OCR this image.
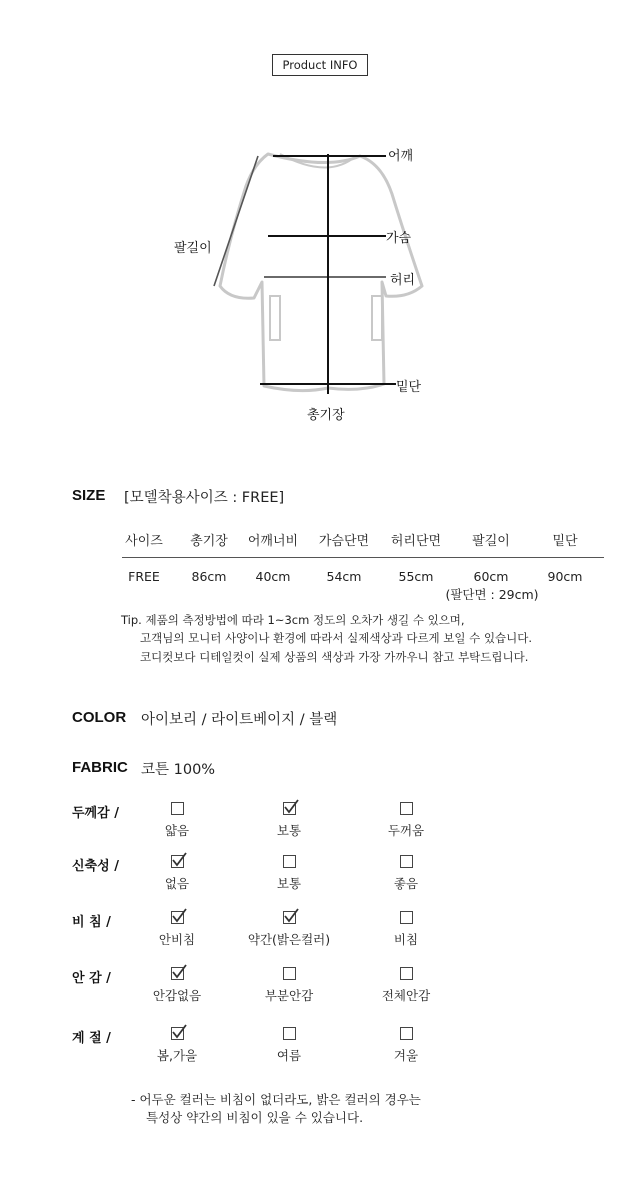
Product INFO
어깨
가슴
허리
밑단
팔길이
총기장
SIZE [모델착용사이즈 : FREE]
사이즈	총기장	어깨너비	가슴단면	허리단면	팔길이	밑단
FREE	86cm	40cm	54cm	55cm	60cm	90cm
(팔단면 : 29cm)
Tip. 제품의 측정방법에 따라 1~3cm 정도의 오차가 생길 수 있으며,
고객님의 모니터 사양이나 환경에 따라서 실제색상과 다르게 보일 수 있습니다.
코디컷보다 디테일컷이 실제 상품의 색상과 가장 가까우니 참고 부탁드립니다.
COLOR 아이보리 / 라이트베이지 / 블랙
FABRIC 코튼 100%
두께감 /
얇음	보통	두꺼움
신축성 /
없음	보통	좋음
비 침 /
안비침	약간(밝은컬러)	비침
안 감 /
안감없음	부분안감	전체안감
계 절 /
봄,가을	여름	겨울
- 어두운 컬러는 비침이 없더라도, 밝은 컬러의 경우는
특성상 약간의 비침이 있을 수 있습니다.
